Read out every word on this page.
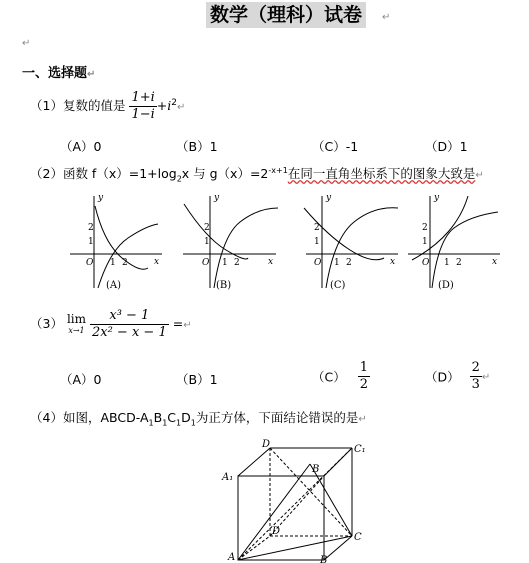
数学（理科）试卷	↵
↵
一、选择题↵
（1）复数的值是 $\frac{1+i}{1-i}$ $+i^2↵$
（A）0	（B）1	（C）-1	（D）1
（2）函数 $f(x)=1+\log_2x$ 与 $g(x)=2^{-x+1}$在同一直角坐标系下的图象大致是↵
y
x
O 1 2
1
2
(A)
y
x
O 1 2
1
2
(B)
y
x
O 1 2
1
2
(C)
y
x
O 1 2
1
2
(D)
（3） lim
x→1
$\frac{\text{x³ − 1}}{\text{2x² − x − 1}}$ =↵
（A）0	（B）1	$(C) \frac{1}{2}$	$(D) \frac{2}{3}$ ↵
（4）如图，ABCD-$A_1B_1C_1D_1$为正方体，下面结论错误的是↵
D	C₁
B
A₁
D
C
A	B
